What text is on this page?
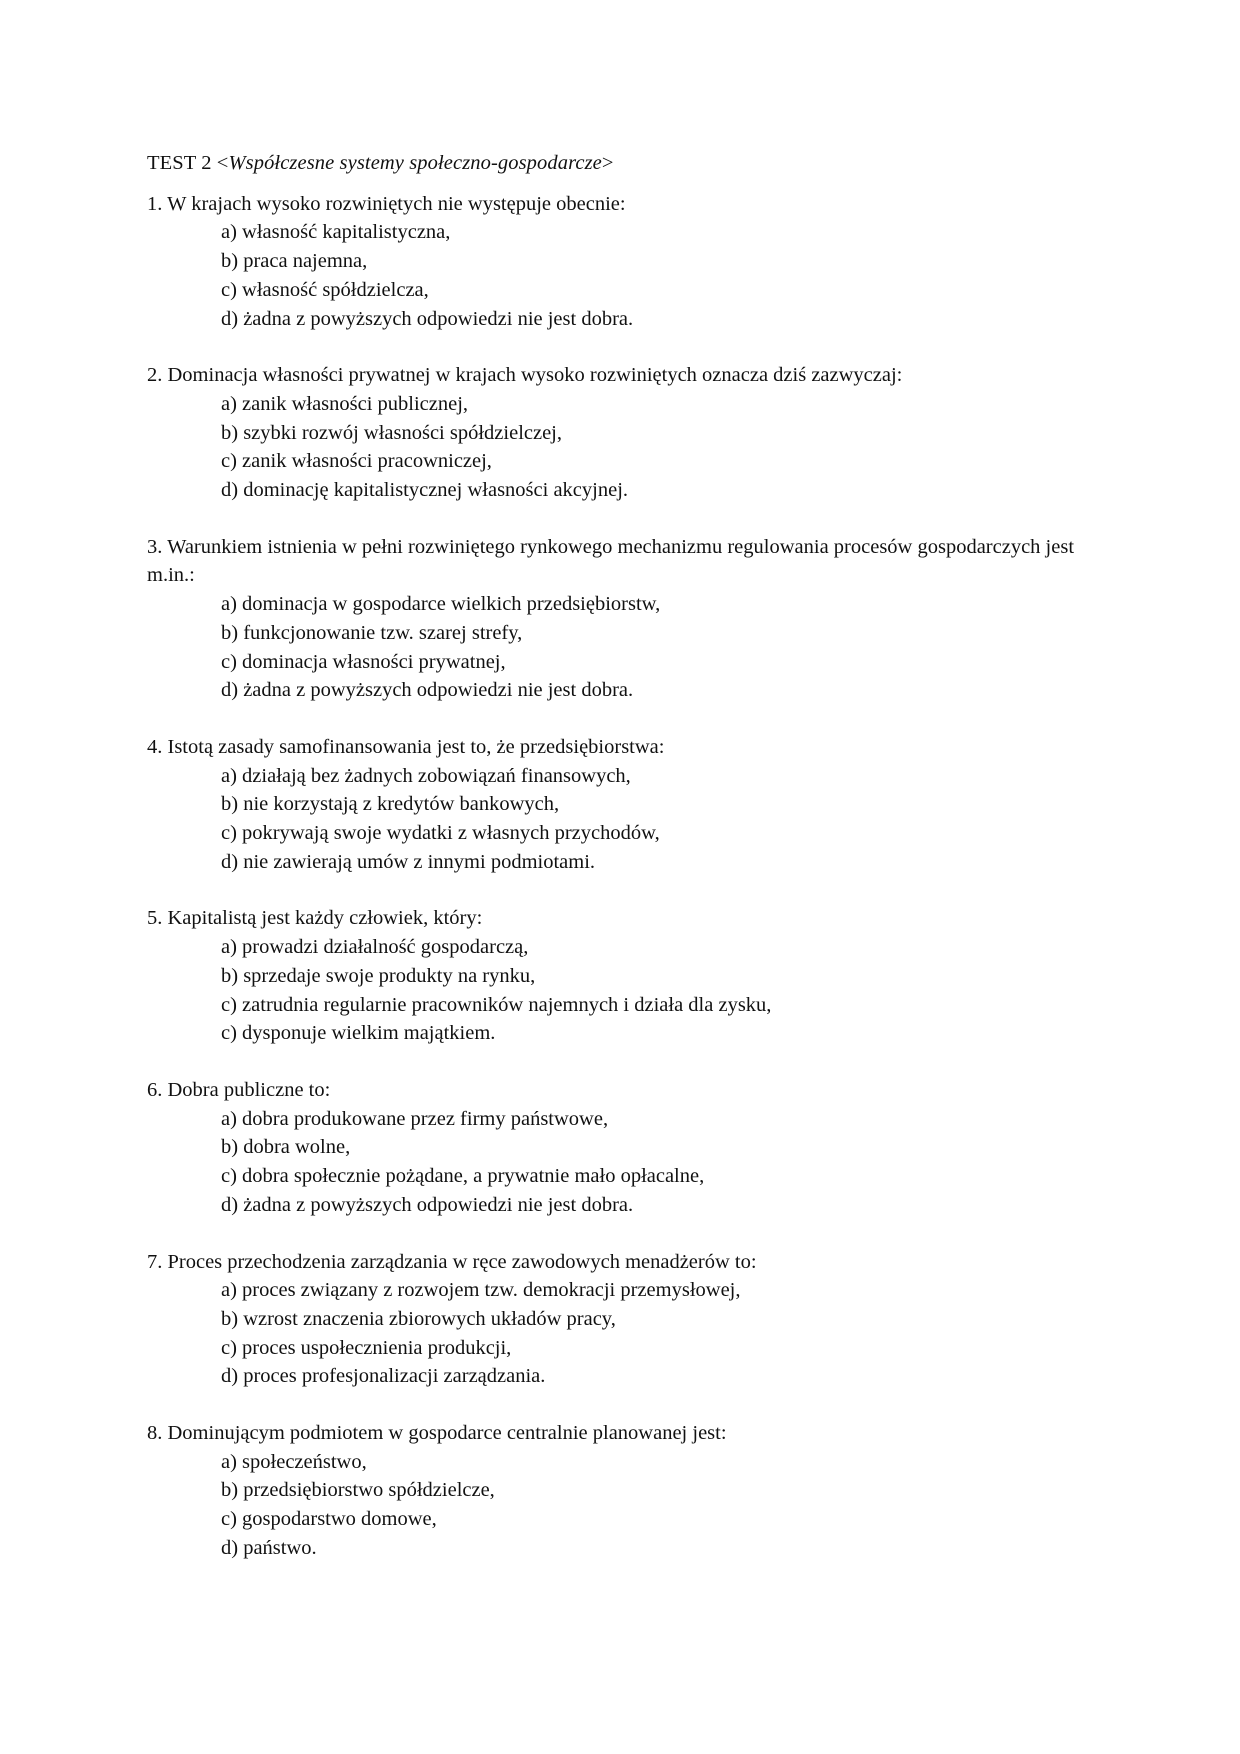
TEST 2 <Współczesne systemy społeczno-gospodarcze>

1. W krajach wysoko rozwiniętych nie występuje obecnie:

a) własność kapitalistyczna,
b) praca najemna,
c) własność spółdzielcza,
d) żadna z powyższych odpowiedzi nie jest dobra.

2. Dominacja własności prywatnej w krajach wysoko rozwiniętych oznacza dziś zazwyczaj:

a) zanik własności publicznej,
b) szybki rozwój własności spółdzielczej,
c) zanik własności pracowniczej,
d) dominację kapitalistycznej własności akcyjnej.

3. Warunkiem istnienia w pełni rozwiniętego rynkowego mechanizmu regulowania procesów gospodarczych jest m.in.:

a) dominacja w gospodarce wielkich przedsiębiorstw,
b) funkcjonowanie tzw. szarej strefy,
c) dominacja własności prywatnej,
d) żadna z powyższych odpowiedzi nie jest dobra.

4. Istotą zasady samofinansowania jest to, że przedsiębiorstwa:

a) działają bez żadnych zobowiązań finansowych,
b) nie korzystają z kredytów bankowych,
c) pokrywają swoje wydatki z własnych przychodów,
d) nie zawierają umów z innymi podmiotami.

5. Kapitalistą jest każdy człowiek, który:

a) prowadzi działalność gospodarczą,
b) sprzedaje swoje produkty na rynku,
c) zatrudnia regularnie pracowników najemnych i działa dla zysku,
c) dysponuje wielkim majątkiem.

6. Dobra publiczne to:

a) dobra produkowane przez firmy państwowe,
b) dobra wolne,
c) dobra społecznie pożądane, a prywatnie mało opłacalne,
d) żadna z powyższych odpowiedzi nie jest dobra.

7. Proces przechodzenia zarządzania w ręce zawodowych menadżerów to:

a) proces związany z rozwojem tzw. demokracji przemysłowej,
b) wzrost znaczenia zbiorowych układów pracy,
c) proces uspołecznienia produkcji,
d) proces profesjonalizacji zarządzania.

8. Dominującym podmiotem w gospodarce centralnie planowanej jest:

a) społeczeństwo,
b) przedsiębiorstwo spółdzielcze,
c) gospodarstwo domowe,
d) państwo.
